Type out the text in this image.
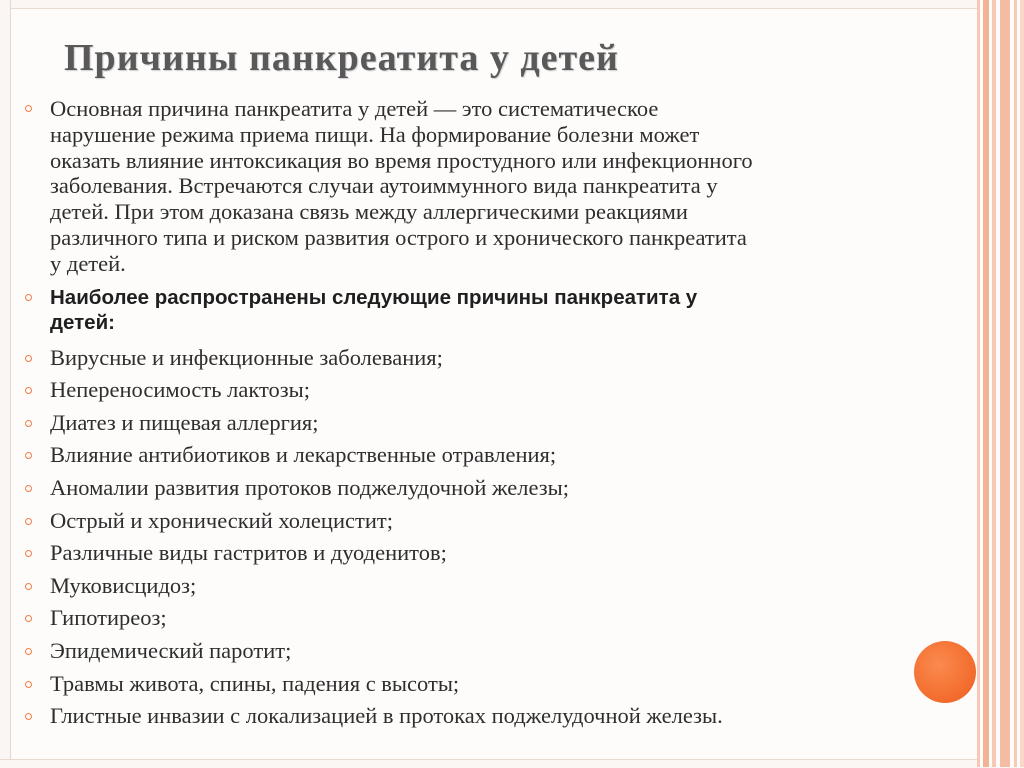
Причины панкреатита у детей
Основная причина панкреатита у детей — это систематическое
нарушение режима приема пищи. На формирование болезни может
оказать влияние интоксикация во время простудного или инфекционного
заболевания. Встречаются случаи аутоиммунного вида панкреатита у
детей. При этом доказана связь между аллергическими реакциями
различного типа и риском развития острого и хронического панкреатита
у детей.
Наиболее распространены следующие причины панкреатита у
детей:
Вирусные и инфекционные заболевания;
Непереносимость лактозы;
Диатез и пищевая аллергия;
Влияние антибиотиков и лекарственные отравления;
Аномалии развития протоков поджелудочной железы;
Острый и хронический холецистит;
Различные виды гастритов и дуоденитов;
Муковисцидоз;
Гипотиреоз;
Эпидемический паротит;
Травмы живота, спины, падения с высоты;
Глистные инвазии с локализацией в протоках поджелудочной железы.
